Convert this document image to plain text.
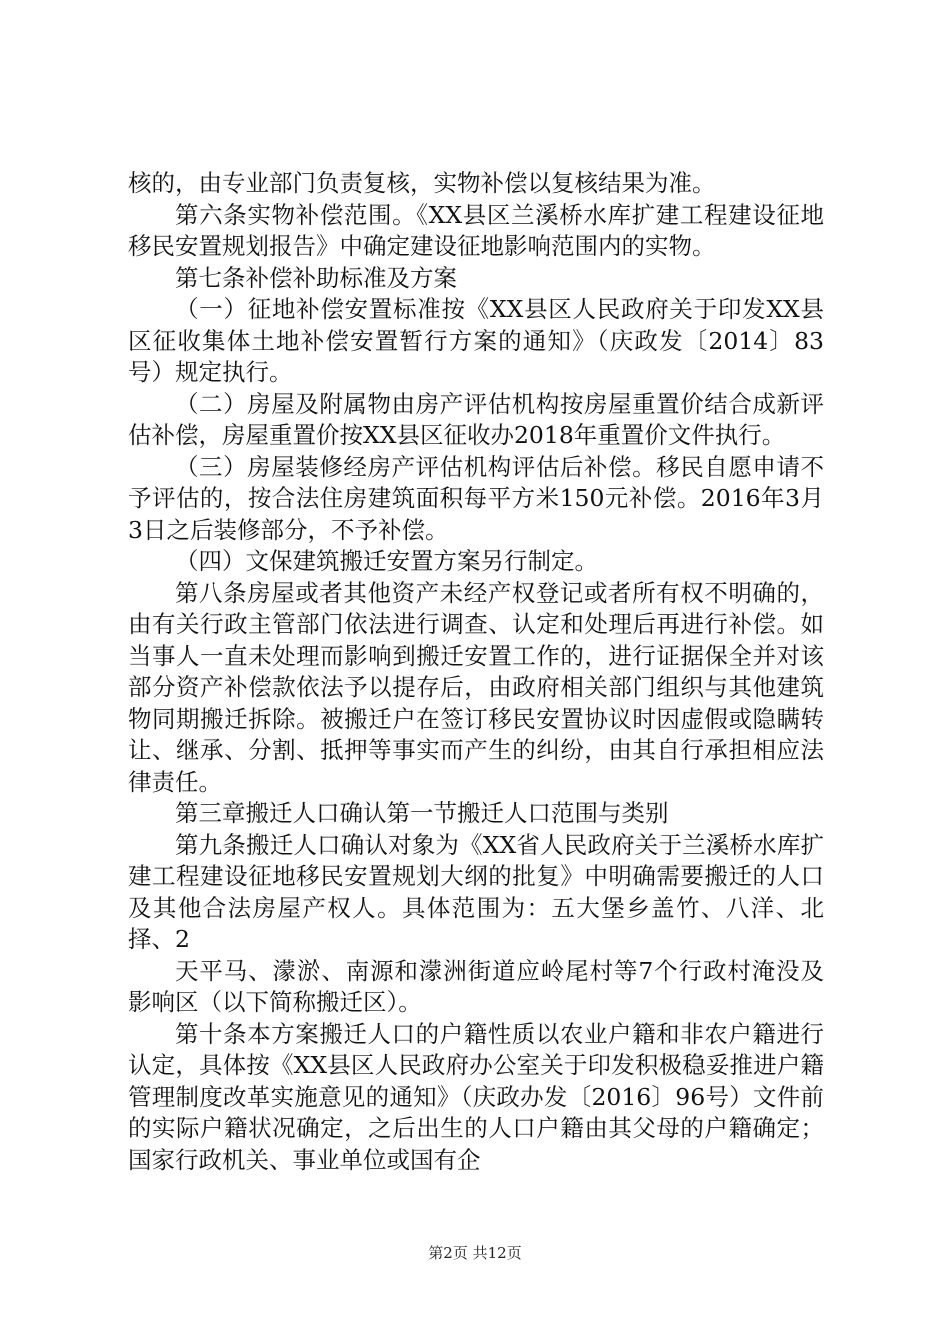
核的，由专业部门负责复核，实物补偿以复核结果为准。

第六条实物补偿范围。《XX县区兰溪桥水库扩建工程建设征地移民安置规划报告》中确定建设征地影响范围内的实物。

第七条补偿补助标准及方案

（一）征地补偿安置标准按《XX县区人民政府关于印发XX县区征收集体土地补偿安置暂行方案的通知》（庆政发〔2014〕83号）规定执行。

（二）房屋及附属物由房产评估机构按房屋重置价结合成新评估补偿，房屋重置价按XX县区征收办2018年重置价文件执行。

（三）房屋装修经房产评估机构评估后补偿。移民自愿申请不予评估的，按合法住房建筑面积每平方米150元补偿。2016年3月3日之后装修部分，不予补偿。

（四）文保建筑搬迁安置方案另行制定。

第八条房屋或者其他资产未经产权登记或者所有权不明确的，由有关行政主管部门依法进行调查、认定和处理后再进行补偿。如当事人一直未处理而影响到搬迁安置工作的，进行证据保全并对该部分资产补偿款依法予以提存后，由政府相关部门组织与其他建筑物同期搬迁拆除。被搬迁户在签订移民安置协议时因虚假或隐瞒转让、继承、分割、抵押等事实而产生的纠纷，由其自行承担相应法律责任。

第三章搬迁人口确认第一节搬迁人口范围与类别

第九条搬迁人口确认对象为《XX省人民政府关于兰溪桥水库扩建工程建设征地移民安置规划大纲的批复》中明确需要搬迁的人口及其他合法房屋产权人。具体范围为：五大堡乡盖竹、八洋、北择、2

天平马、濛淤、南源和濛洲街道应岭尾村等7个行政村淹没及影响区（以下简称搬迁区）。

第十条本方案搬迁人口的户籍性质以农业户籍和非农户籍进行认定，具体按《XX县区人民政府办公室关于印发积极稳妥推进户籍管理制度改革实施意见的通知》（庆政办发〔2016〕96号）文件前的实际户籍状况确定，之后出生的人口户籍由其父母的户籍确定；国家行政机关、事业单位或国有企

第2页 共12页
